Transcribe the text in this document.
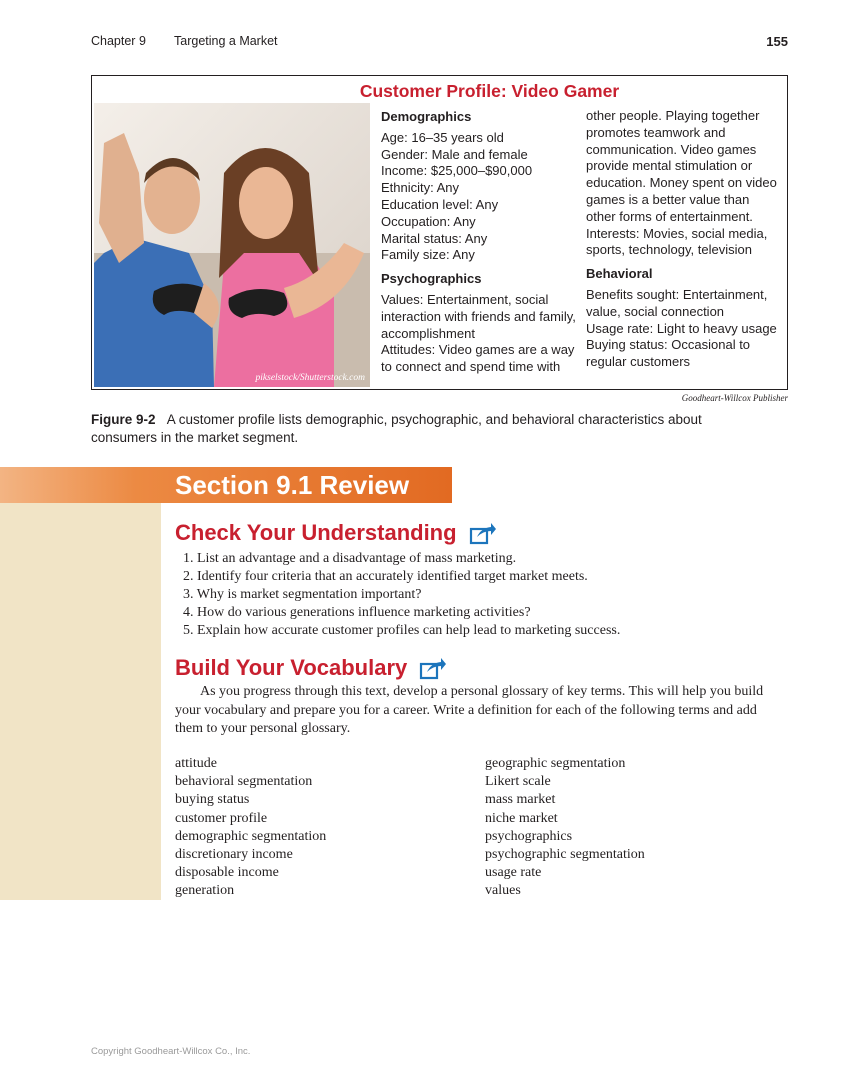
Chapter 9 Targeting a Market	155
Customer Profile: Video Gamer
pikselstock/Shutterstock.com
Demographics
Age: 16–35 years old
Gender: Male and female
Income: $25,000–$90,000
Ethnicity: Any
Education level: Any
Occupation: Any
Marital status: Any
Family size: Any
Psychographics
Values: Entertainment, social
interaction with friends and family,
accomplishment
Attitudes: Video games are a way
to connect and spend time with
other people. Playing together
promotes teamwork and
communication. Video games
provide mental stimulation or
education. Money spent on video
games is a better value than
other forms of entertainment.
Interests: Movies, social media,
sports, technology, television
Behavioral
Benefits sought: Entertainment,
value, social connection
Usage rate: Light to heavy usage
Buying status: Occasional to
regular customers
Goodheart-Willcox Publisher
Figure 9-2 A customer profile lists demographic, psychographic, and behavioral characteristics about consumers in the market segment.
Section 9.1 Review
Check Your Understanding
1. List an advantage and a disadvantage of mass marketing.
2. Identify four criteria that an accurately identified target market meets.
3. Why is market segmentation important?
4. How do various generations influence marketing activities?
5. Explain how accurate customer profiles can help lead to marketing success.
Build Your Vocabulary
As you progress through this text, develop a personal glossary of key terms. This will help you build your vocabulary and prepare you for a career. Write a definition for each of the following terms and add them to your personal glossary.
attitude
behavioral segmentation
buying status
customer profile
demographic segmentation
discretionary income
disposable income
generation
geographic segmentation
Likert scale
mass market
niche market
psychographics
psychographic segmentation
usage rate
values
Copyright Goodheart-Willcox Co., Inc.
